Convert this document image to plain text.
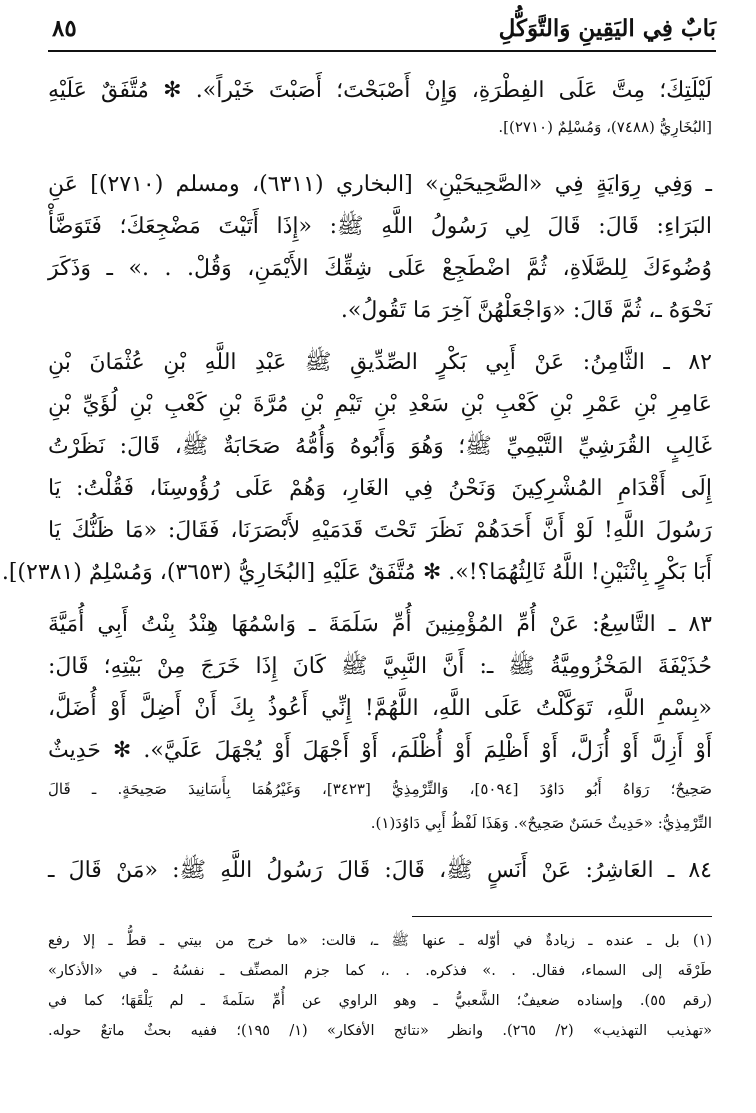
بَابٌ فِي اليَقِينِ وَالتَّوَكُّلِ
٨٥
لَيْلَتِكَ؛ مِتَّ عَلَى الفِطْرَةِ، وَإِنْ أَصْبَحْتَ؛ أَصَبْتَ خَيْراً». ✻ مُتَّفَقٌ عَلَيْهِ
[البُخَارِيُّ (٧٤٨٨)، وَمُسْلِمٌ (٢٧١٠)].
ـ وَفِي رِوَايَةٍ فِي «الصَّحِيحَيْنِ» [البخاري (٦٣١١)، ومسلم (٢٧١٠)] عَنِ
البَرَاءِ: قَالَ: قَالَ لِي رَسُولُ اللَّهِ ﷺ: «إِذَا أَتَيْتَ مَضْجِعَكَ؛ فَتَوَضَّأْ
وُضُوءَكَ لِلصَّلَاةِ، ثُمَّ اضْطَجِعْ عَلَى شِقِّكَ الأَيْمَنِ، وَقُلْ. . .» ـ وَذَكَرَ
نَحْوَهُ ـ، ثُمَّ قَالَ: «وَاجْعَلْهُنَّ آخِرَ مَا تَقُولُ».
٨٢ ـ الثَّامِنُ: عَنْ أَبِي بَكْرٍ الصِّدِّيقِ ﷺ عَبْدِ اللَّهِ بْنِ عُثْمَانَ بْنِ
عَامِرِ بْنِ عَمْرِ بْنِ كَعْبِ بْنِ سَعْدِ بْنِ تَيْمِ بْنِ مُرَّةَ بْنِ كَعْبِ بْنِ لُؤَيِّ بْنِ
غَالِبٍ القُرَشِيِّ التَّيْمِيِّ ﷺ؛ وَهُوَ وَأَبُوهُ وَأُمُّهُ صَحَابَةٌ ﷺ، قَالَ: نَظَرْتُ
إِلَى أَقْدَامِ المُشْرِكِينَ وَنَحْنُ فِي الغَارِ، وَهُمْ عَلَى رُؤُوسِنَا، فَقُلْتُ: يَا
رَسُولَ اللَّهِ! لَوْ أَنَّ أَحَدَهُمْ نَظَرَ تَحْتَ قَدَمَيْهِ لأَبْصَرَنَا، فَقَالَ: «مَا ظَنُّكَ يَا
أَبَا بَكْرٍ بِاثْنَيْنِ! اللَّهُ ثَالِثُهُمَا؟!». ✻ مُتَّفَقٌ عَلَيْهِ [البُخَارِيُّ (٣٦٥٣)، وَمُسْلِمٌ (٢٣٨١)].
٨٣ ـ التَّاسِعُ: عَنْ أُمِّ المُؤْمِنِينَ أُمِّ سَلَمَةَ ـ وَاسْمُهَا هِنْدُ بِنْتُ أَبِي أُمَيَّةَ
حُذَيْفَةَ المَخْزُومِيَّةُ ﷺ ـ: أَنَّ النَّبِيَّ ﷺ كَانَ إِذَا خَرَجَ مِنْ بَيْتِهِ؛ قَالَ:
«بِسْمِ اللَّهِ، تَوَكَّلْتُ عَلَى اللَّهِ، اللَّهُمَّ! إِنِّي أَعُوذُ بِكَ أَنْ أَضِلَّ أَوْ أُضَلَّ،
أَوْ أَزِلَّ أَوْ أُزَلَّ، أَوْ أَظْلِمَ أَوْ أُظْلَمَ، أَوْ أَجْهَلَ أَوْ يُجْهَلَ عَلَيَّ». ✻ حَدِيثٌ
صَحِيحٌ؛ رَوَاهُ أَبُو دَاوُدَ [٥٠٩٤]، وَالتِّرْمِذِيُّ [٣٤٢٣]، وَغَيْرُهُمَا بِأَسَانِيدَ صَحِيحَةٍ. ـ قَالَ
التِّرْمِذِيُّ: «حَدِيثٌ حَسَنٌ صَحِيحٌ». وَهَذَا لَفْظُ أَبِي دَاوُدَ(١).
٨٤ ـ العَاشِرُ: عَنْ أَنَسٍ ﷺ، قَالَ: قَالَ رَسُولُ اللَّهِ ﷺ: «مَنْ قَالَ ـ
(١) بل ـ عنده ـ زيادةٌ في أوّله ـ عنها ﷺ ـ، قالت: «ما خرج من بيتي ـ قطُّ ـ إلا رفع
طَرْفَه إلى السماء، فقال. . .» فذكره. . .، كما جزم المصنِّف ـ نفسُهُ ـ في «الأذكار»
(رقم ٥٥). وإسناده ضعيفٌ؛ الشَّعبيُّ ـ وهو الراوي عن أُمِّ سَلَمةَ ـ لم يَلْقَهَا؛ كما في
«تهذيب التهذيب» (٢/ ٢٦٥). وانظر «نتائج الأفكار» (١/ ١٩٥)؛ ففيه بحثٌ ماتعٌ حوله.
